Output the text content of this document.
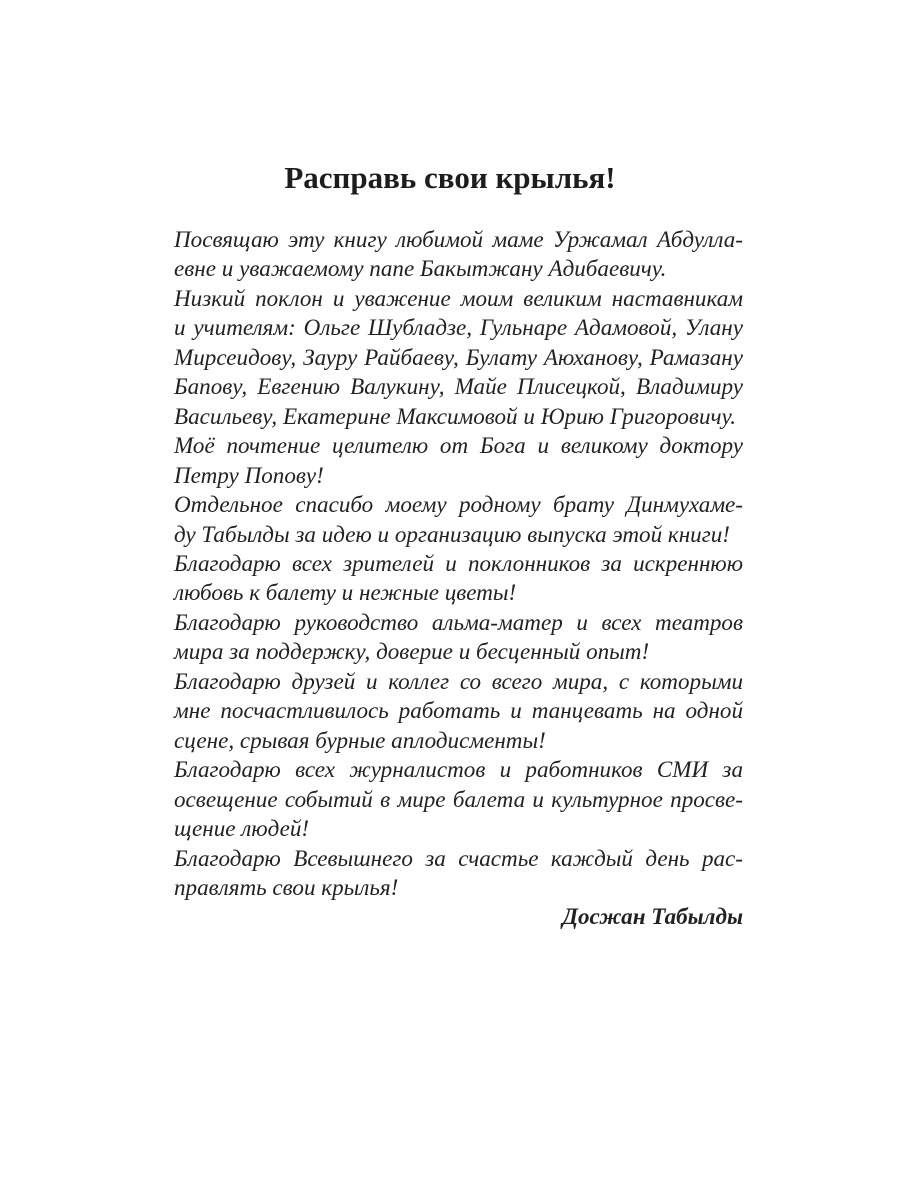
Расправь свои крылья!

Посвящаю эту книгу любимой маме Уржамал Абдулла-
евне и уважаемому папе Бакытжану Адибаевичу.

Низкий поклон и уважение моим великим наставникам
и учителям: Ольге Шубладзе, Гульнаре Адамовой, Улану
Мирсеидову, Зауру Райбаеву, Булату Аюханову, Рамазану
Бапову, Евгению Валукину, Майе Плисецкой, Владимиру
Васильеву, Екатерине Максимовой и Юрию Григоровичу.

Моё почтение целителю от Бога и великому доктору
Петру Попову!

Отдельное спасибо моему родному брату Динмухаме-
ду Табылды за идею и организацию выпуска этой книги!

Благодарю всех зрителей и поклонников за искреннюю
любовь к балету и нежные цветы!

Благодарю руководство альма-матер и всех театров
мира за поддержку, доверие и бесценный опыт!

Благодарю друзей и коллег со всего мира, с которыми
мне посчастливилось работать и танцевать на одной
сцене, срывая бурные аплодисменты!

Благодарю всех журналистов и работников СМИ за
освещение событий в мире балета и культурное просве-
щение людей!

Благодарю Всевышнего за счастье каждый день рас-
правлять свои крылья!

Досжан Табылды
